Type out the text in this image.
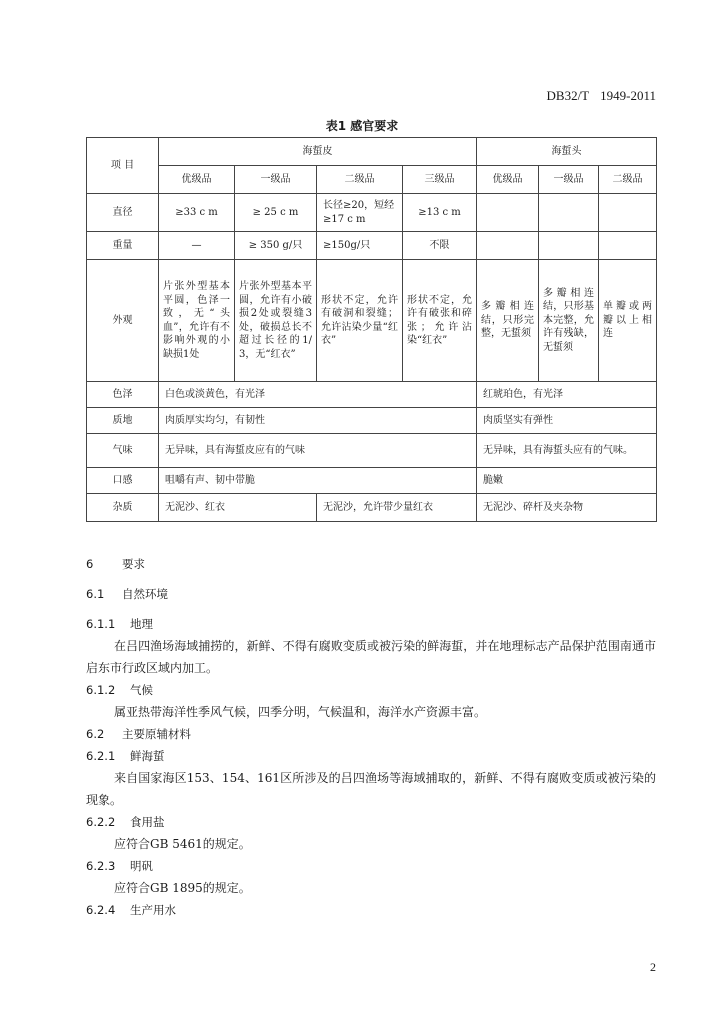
DB32/T 1949-2011
表1 感官要求
项 目	海蜇皮				海蜇头		
	优级品	一级品	二级品	三级品	优级品	一级品	二级品
直径	≥33 c m	≥ 25 c m	长径≥20，短经≥17 c m	≥13 c m			
重量	—	≥ 350 g/只	≥150g/只	不限			
外观	片张外型基本平圆，色泽一致，无“头血”，允许有不影响外观的小缺损1处	片张外型基本平圆，允许有小破损2处或裂缝3处，破损总长不超过长径的1/3，无“红衣”	形状不定，允许有破洞和裂缝；允许沾染少量“红衣”	形状不定，允许有破张和碎张；允许沾染“红衣”	多瓣相连结，只形完整，无蜇须	多瓣相连结，只形基本完整，允许有残缺，无蜇须	单瓣或两瓣以上相连
色泽	白色或淡黄色，有光泽				红琥珀色，有光泽		
质地	肉质厚实均匀，有韧性				肉质坚实有弹性		
气味	无异味，具有海蜇皮应有的气味				无异味，具有海蜇头应有的气味。		
口感	咀嚼有声、韧中带脆				脆嫩		
杂质	无泥沙、红衣		无泥沙，允许带少量红衣		无泥沙、碎杆及夹杂物		
6 要求
6.1 自然环境
6.1.1 地理
在吕四渔场海域捕捞的，新鲜、不得有腐败变质或被污染的鲜海蜇，并在地理标志产品保护范围南通市启东市行政区域内加工。
6.1.2 气候
属亚热带海洋性季风气候，四季分明，气候温和，海洋水产资源丰富。
6.2 主要原辅材料
6.2.1 鲜海蜇
来自国家海区153、154、161区所涉及的吕四渔场等海域捕取的，新鲜、不得有腐败变质或被污染的现象。
6.2.2 食用盐
应符合GB 5461的规定。
6.2.3 明矾
应符合GB 1895的规定。
6.2.4 生产用水
2
